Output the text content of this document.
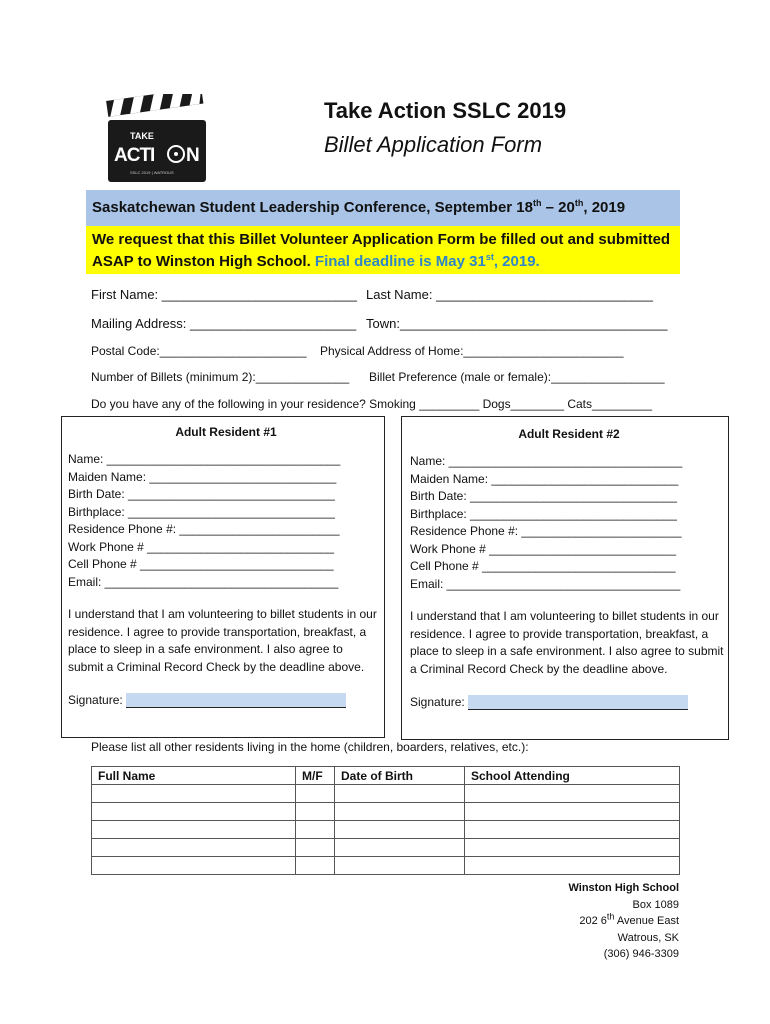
TAKE
ACTI N
SSLC 2019 | WATROUS
Take Action SSLC 2019
Billet Application Form
Saskatchewan Student Leadership Conference, September 18th – 20th, 2019
We request that this Billet Volunteer Application Form be filled out and submitted ASAP to Winston High School. Final deadline is May 31st, 2019.
First Name: ___________________________ Last Name: ______________________________
Mailing Address: _______________________ Town:_____________________________________
Postal Code:______________________ Physical Address of Home:________________________
Number of Billets (minimum 2):______________ Billet Preference (male or female):_________________
Do you have any of the following in your residence? Smoking _________ Dogs________ Cats_________
Adult Resident #1
Name: ___________________________________
Maiden Name: ____________________________
Birth Date: _______________________________
Birthplace: _______________________________
Residence Phone #: ________________________
Work Phone # ____________________________
Cell Phone # _____________________________
Email: ___________________________________
I understand that I am volunteering to billet students in our residence. I agree to provide transportation, breakfast, a place to sleep in a safe environment. I also agree to submit a Criminal Record Check by the deadline above.
Signature:
Adult Resident #2
Name: ___________________________________
Maiden Name: ____________________________
Birth Date: _______________________________
Birthplace: _______________________________
Residence Phone #: ________________________
Work Phone # ____________________________
Cell Phone # _____________________________
Email: ___________________________________
I understand that I am volunteering to billet students in our residence. I agree to provide transportation, breakfast, a place to sleep in a safe environment. I also agree to submit a Criminal Record Check by the deadline above.
Signature:
Please list all other residents living in the home (children, boarders, relatives, etc.):
Full Name	M/F	Date of Birth	School Attending

Winston High School
Box 1089
202 6th Avenue East
Watrous, SK
(306) 946-3309
